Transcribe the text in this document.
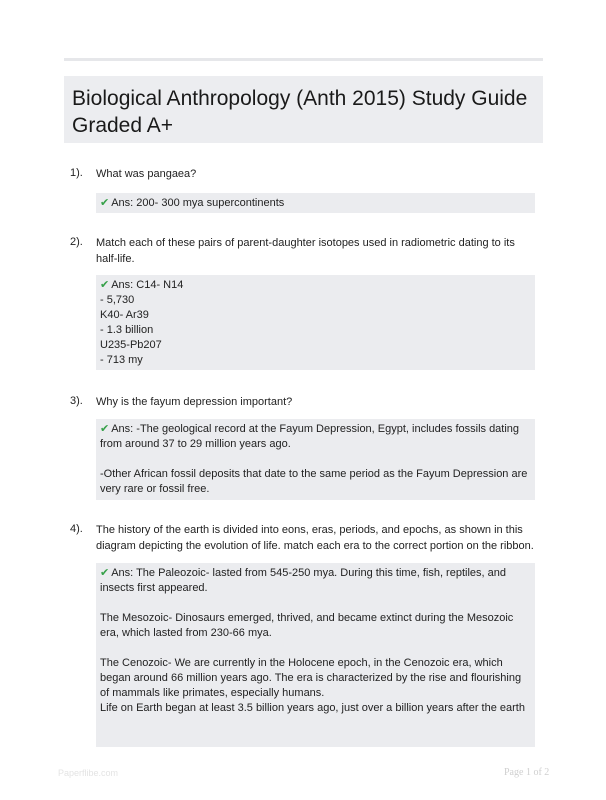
Biological Anthropology (Anth 2015) Study Guide Graded A+
1). What was pangaea?

✔ Ans: 200- 300 mya supercontinents

2). Match each of these pairs of parent-daughter isotopes used in radiometric dating to its half-life.

✔ Ans: C14- N14

- 5,730

K40- Ar39

- 1.3 billion

U235-Pb207

- 713 my

3). Why is the fayum depression important?

✔ Ans: -The geological record at the Fayum Depression, Egypt, includes fossils dating from around 37 to 29 million years ago.

-Other African fossil deposits that date to the same period as the Fayum Depression are very rare or fossil free.

4). The history of the earth is divided into eons, eras, periods, and epochs, as shown in this diagram depicting the evolution of life. match each era to the correct portion on the ribbon.

✔ Ans: The Paleozoic- lasted from 545-250 mya. During this time, fish, reptiles, and insects first appeared.

The Mesozoic- Dinosaurs emerged, thrived, and became extinct during the Mesozoic era, which lasted from 230-66 mya.

The Cenozoic- We are currently in the Holocene epoch, in the Cenozoic era, which began around 66 million years ago. The era is characterized by the rise and flourishing of mammals like primates, especially humans.

Life on Earth began at least 3.5 billion years ago, just over a billion years after the earth

Paperflibe.com	Page 1 of 2
